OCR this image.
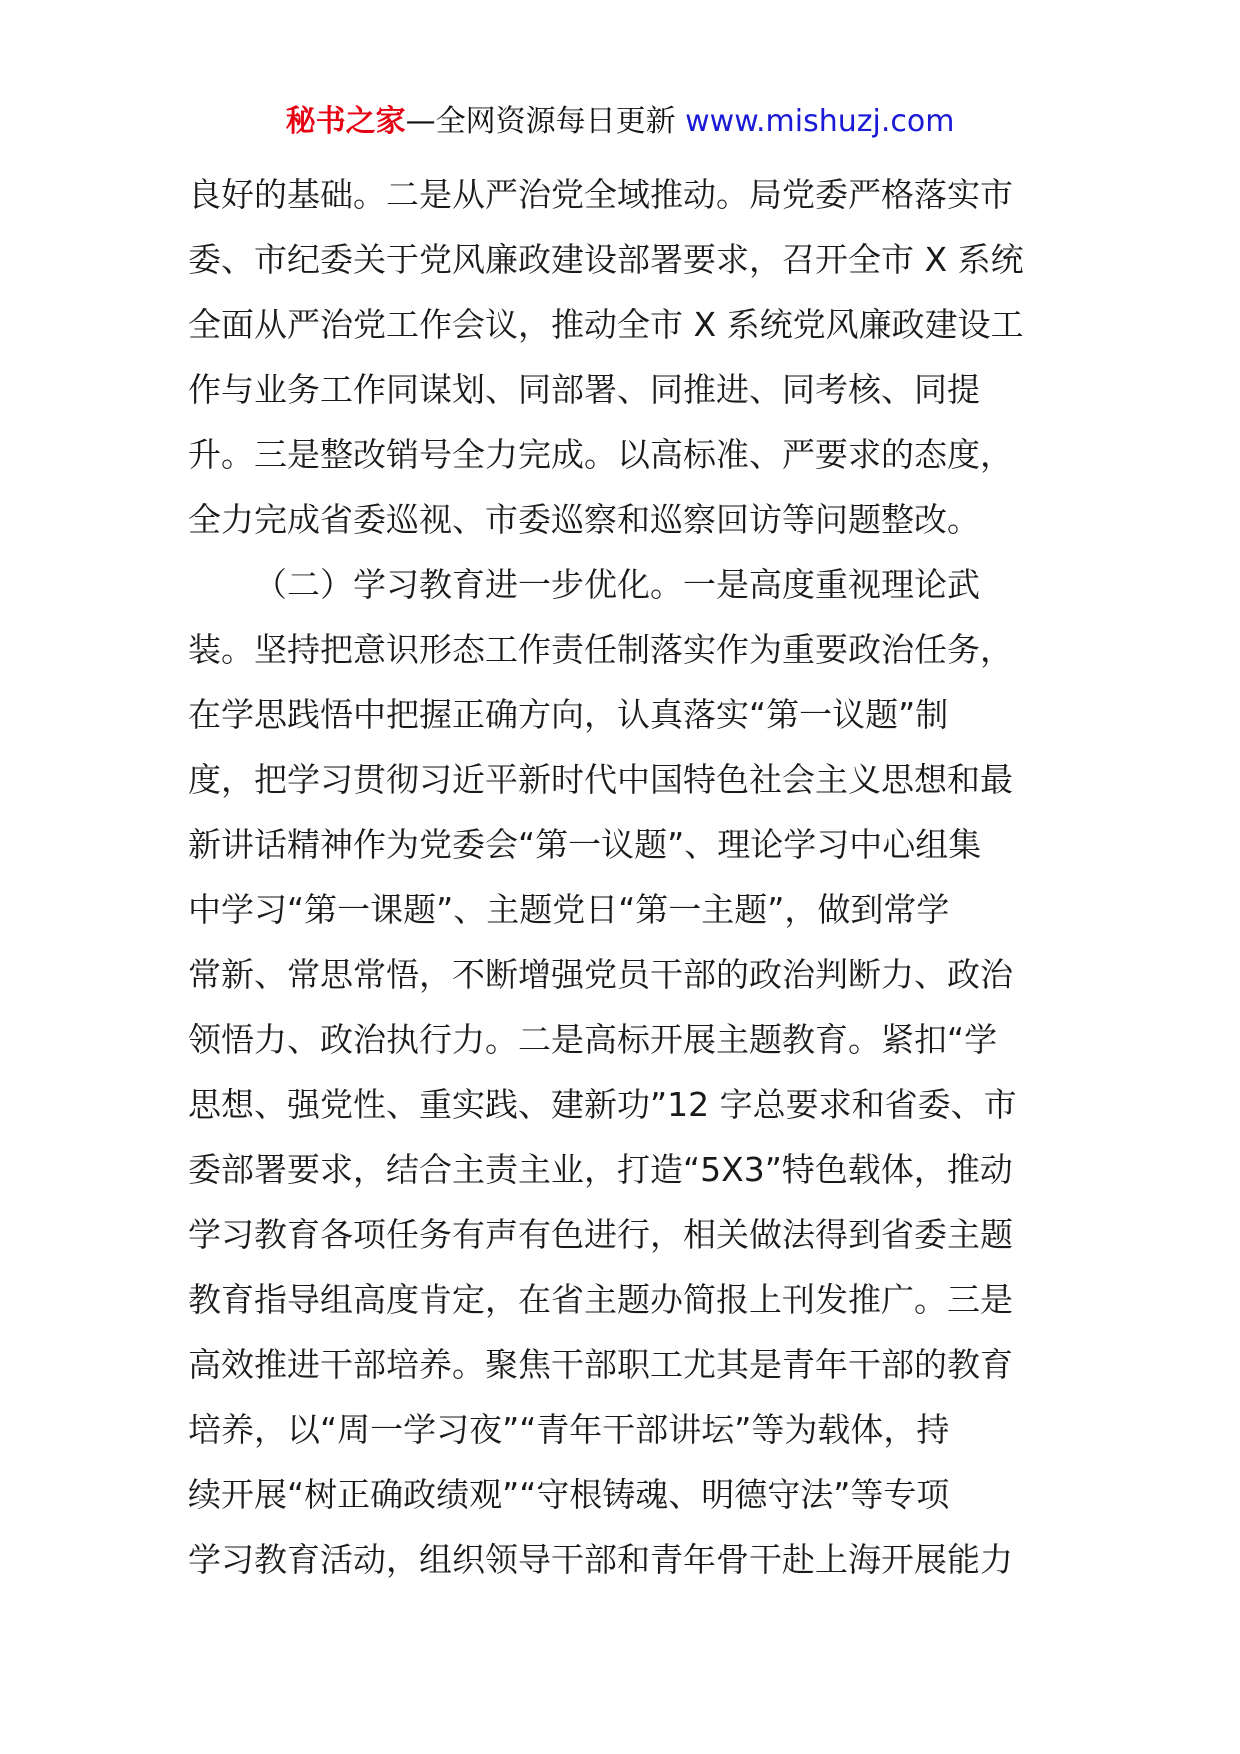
秘书之家—全网资源每日更新 www.mishuzj.com
良好的基础。二是从严治党全域推动。局党委严格落实市
委、市纪委关于党风廉政建设部署要求，召开全市 X 系统
全面从严治党工作会议，推动全市 X 系统党风廉政建设工
作与业务工作同谋划、同部署、同推进、同考核、同提
升。三是整改销号全力完成。以高标准、严要求的态度，
全力完成省委巡视、市委巡察和巡察回访等问题整改。
（二）学习教育进一步优化。一是高度重视理论武
装。坚持把意识形态工作责任制落实作为重要政治任务，
在学思践悟中把握正确方向，认真落实“第一议题”制
度，把学习贯彻习近平新时代中国特色社会主义思想和最
新讲话精神作为党委会“第一议题”、理论学习中心组集
中学习“第一课题”、主题党日“第一主题”，做到常学
常新、常思常悟，不断增强党员干部的政治判断力、政治
领悟力、政治执行力。二是高标开展主题教育。紧扣“学
思想、强党性、重实践、建新功”12 字总要求和省委、市
委部署要求，结合主责主业，打造“5X3”特色载体，推动
学习教育各项任务有声有色进行，相关做法得到省委主题
教育指导组高度肯定，在省主题办简报上刊发推广。三是
高效推进干部培养。聚焦干部职工尤其是青年干部的教育
培养，以“周一学习夜”“青年干部讲坛”等为载体，持
续开展“树正确政绩观”“守根铸魂、明德守法”等专项
学习教育活动，组织领导干部和青年骨干赴上海开展能力
